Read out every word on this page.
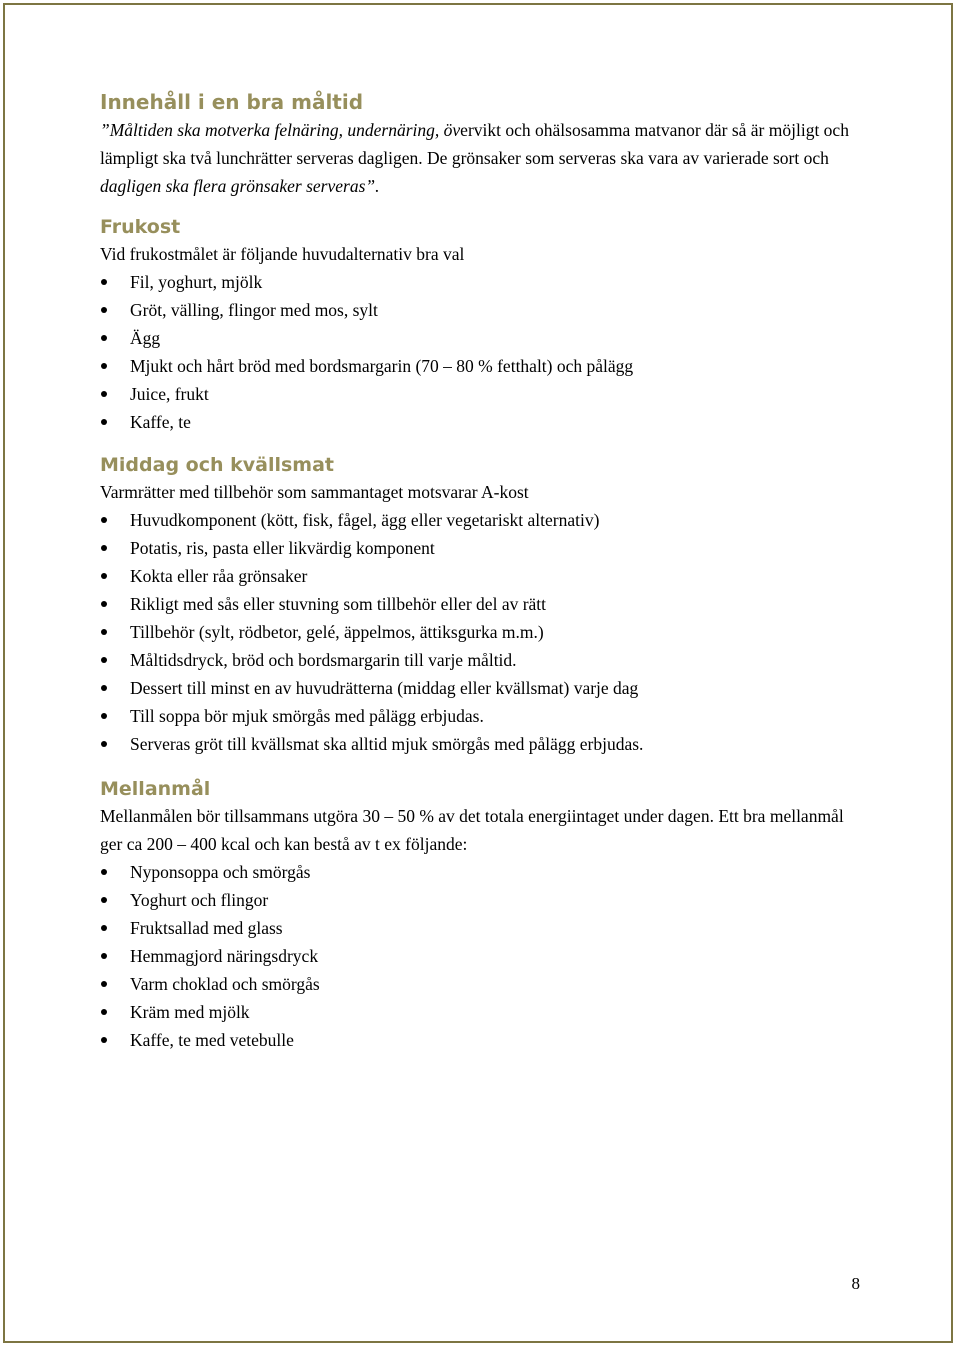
Innehåll i en bra måltid

”Måltiden ska motverka felnäring, undernäring, övervikt och ohälsosamma matvanor där så är möjligt och lämpligt ska två lunchrätter serveras dagligen. De grönsaker som serveras ska vara av varierade sort och dagligen ska flera grönsaker serveras”.

Frukost

Vid frukostmålet är följande huvudalternativ bra val

Fil, yoghurt, mjölk
Gröt, välling, flingor med mos, sylt
Ägg
Mjukt och hårt bröd med bordsmargarin (70 – 80 % fetthalt) och pålägg
Juice, frukt
Kaffe, te
Middag och kvällsmat

Varmrätter med tillbehör som sammantaget motsvarar A-kost

Huvudkomponent (kött, fisk, fågel, ägg eller vegetariskt alternativ)
Potatis, ris, pasta eller likvärdig komponent
Kokta eller råa grönsaker
Rikligt med sås eller stuvning som tillbehör eller del av rätt
Tillbehör (sylt, rödbetor, gelé, äppelmos, ättiksgurka m.m.)
Måltidsdryck, bröd och bordsmargarin till varje måltid.
Dessert till minst en av huvudrätterna (middag eller kvällsmat) varje dag
Till soppa bör mjuk smörgås med pålägg erbjudas.
Serveras gröt till kvällsmat ska alltid mjuk smörgås med pålägg erbjudas.
Mellanmål

Mellanmålen bör tillsammans utgöra 30 – 50 % av det totala energiintaget under dagen. Ett bra mellanmål ger ca 200 – 400 kcal och kan bestå av t ex följande:

Nyponsoppa och smörgås
Yoghurt och flingor
Fruktsallad med glass
Hemmagjord näringsdryck
Varm choklad och smörgås
Kräm med mjölk
Kaffe, te med vetebulle
8
